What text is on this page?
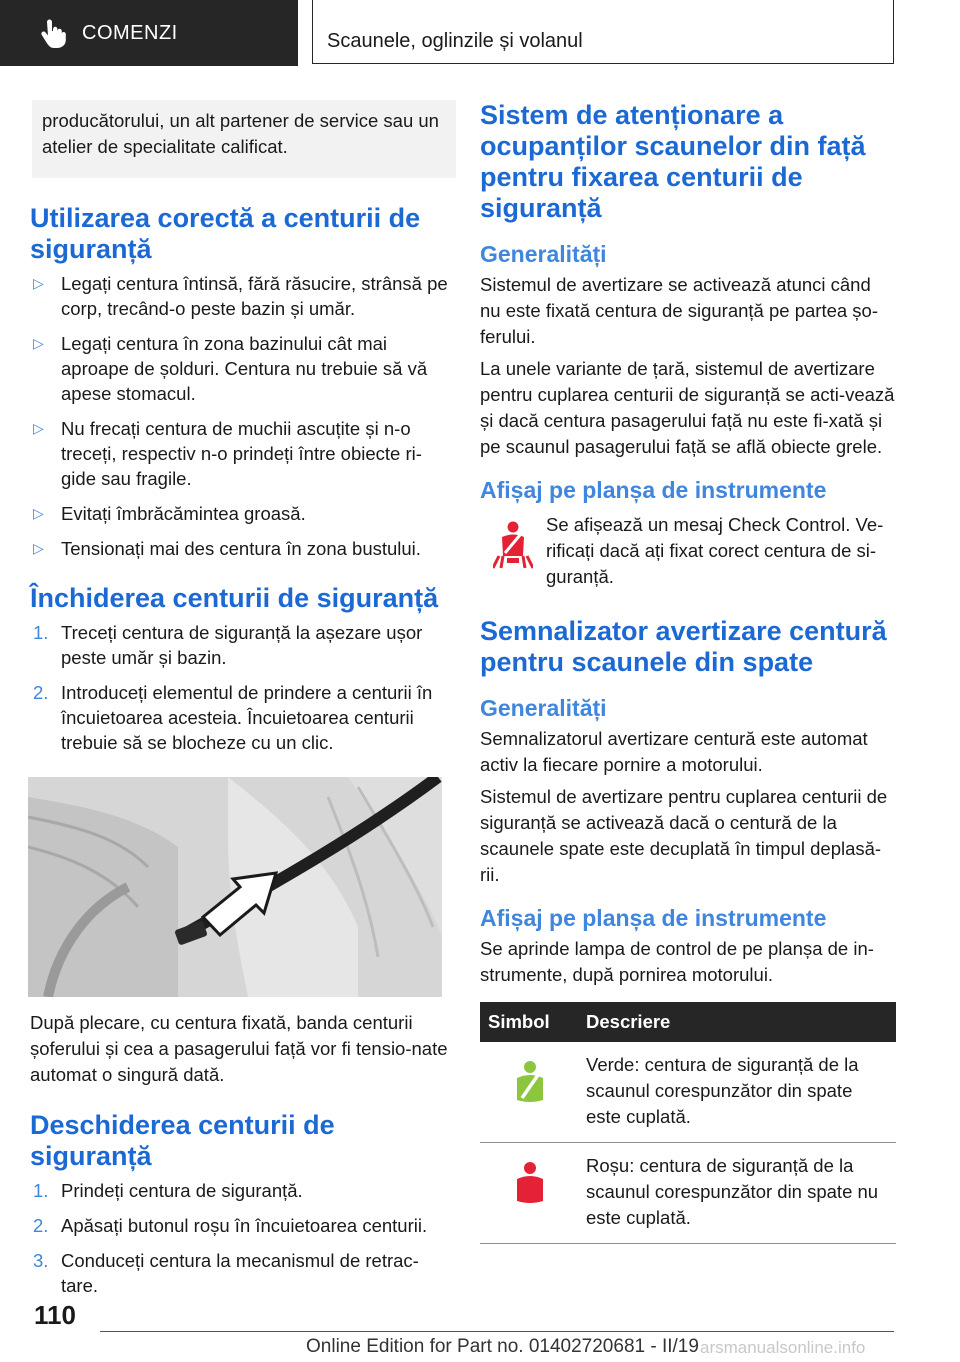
COMENZI	Scaunele, oglinzile și volanul

producătorului, un alt partener de service sau un atelier de specialitate calificat.

Utilizarea corectă a centurii de siguranță
▷ Legați centura întinsă, fără răsucire, strânsă pe corp, trecând-o peste bazin și umăr.
▷ Legați centura în zona bazinului cât mai aproape de șolduri. Centura nu trebuie să vă apese stomacul.
▷ Nu frecați centura de muchii ascuțite și n-o treceți, respectiv n-o prindeți între obiecte ri-gide sau fragile.
▷ Evitați îmbrăcămintea groasă.
▷ Tensionați mai des centura în zona bustului.
Închiderea centurii de siguranță
1. Treceți centura de siguranță la așezare ușor peste umăr și bazin.
2. Introduceți elementul de prindere a centurii în încuietoarea acesteia. Încuietoarea centurii trebuie să se blocheze cu un clic.

După plecare, cu centura fixată, banda centurii șoferului și cea a pasagerului față vor fi tensio-nate automat o singură dată.

Deschiderea centurii de siguranță
1. Prindeți centura de siguranță.
2. Apăsați butonul roșu în încuietoarea centurii.
3. Conduceți centura la mecanismul de retrac-tare.
Sistem de atenționare a ocupanților scaunelor din față pentru fixarea centurii de siguranță
Generalități

Sistemul de avertizare se activează atunci când nu este fixată centura de siguranță pe partea șo-ferului.

La unele variante de țară, sistemul de avertizare pentru cuplarea centurii de siguranță se acti-vează și dacă centura pasagerului față nu este fi-xată și pe scaunul pasagerului față se află obiecte grele.

Afișaj pe planșa de instrumente

Se afișează un mesaj Check Control. Ve-rificați dacă ați fixat corect centura de si-guranță.

Semnalizator avertizare centură pentru scaunele din spate
Generalități

Semnalizatorul avertizare centură este automat activ la fiecare pornire a motorului.

Sistemul de avertizare pentru cuplarea centurii de siguranță se activează dacă o centură de la scaunele spate este decuplată în timpul deplasă-rii.

Afișaj pe planșa de instrumente

Se aprinde lampa de control de pe planșa de in-strumente, după pornirea motorului.

Simbol	Descriere
	Verde: centura de siguranță de la scaunul corespunzător din spate este cuplată.
	Roșu: centura de siguranță de la scaunul corespunzător din spate nu este cuplată.
110
Online Edition for Part no. 01402720681 - II/19 arsmanualsonline.info
